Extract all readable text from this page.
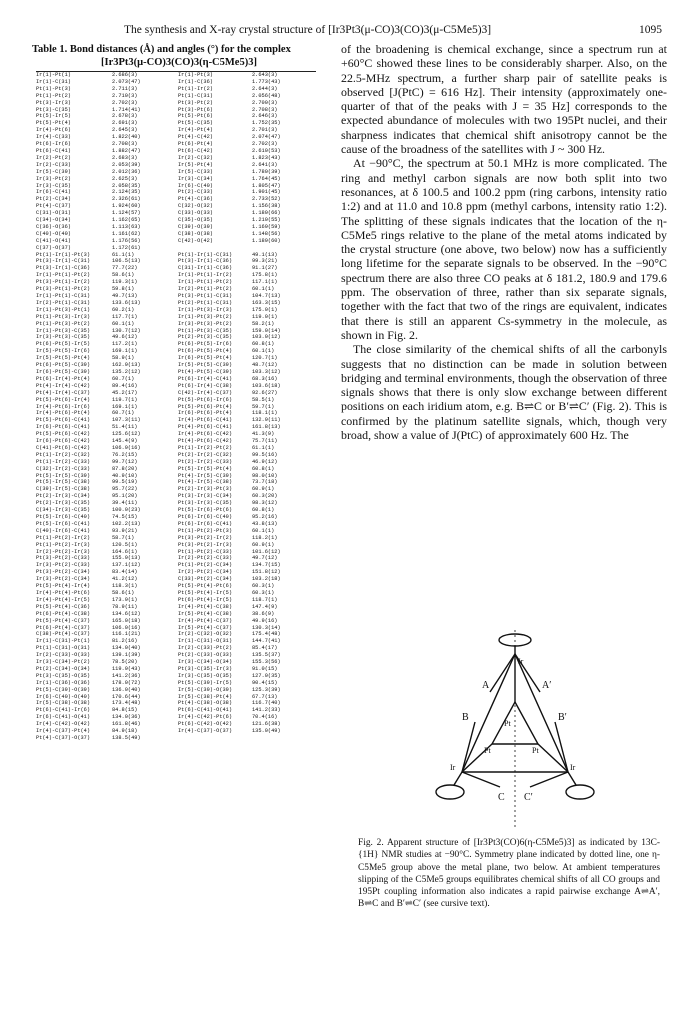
The synthesis and X-ray crystal structure of [Ir3Pt3(μ-CO)3(CO)3(μ-C5Me5)3]	1095
Table 1. Bond distances (Å) and angles (°) for the complex
[Ir3Pt3(μ-CO)3(CO)3(η-C5Me5)3]
Ir(1)-Pt(1)	2.686(3)	Ir(1)-Pt(3)	2.643(3)
Ir(1)-C(31)	2.073(47)	Ir(1)-C(36)	1.773(43)
Pt(1)-Pt(3)	2.711(3)	Pt(1)-Ir(2)	2.644(3)
Pt(1)-Pt(2)	2.710(3)	Pt(1)-C(31)	2.056(48)
Pt(3)-Ir(3)	2.702(3)	Pt(3)-Pt(2)	2.700(3)
Pt(3)-C(35)	1.714(41)	Pt(3)-Pt(6)	2.708(3)
Pt(5)-Ir(5)	2.678(3)	Pt(5)-Pt(6)	2.646(3)
Pt(5)-Pt(4)	2.691(3)	Pt(5)-C(35)	1.752(35)
Ir(4)-Pt(6)	2.645(3)	Ir(4)-Pt(4)	2.701(3)
Ir(4)-C(33)	1.822(40)	Pt(4)-C(42)	2.074(47)
Pt(6)-Ir(6)	2.708(3)	Pt(6)-Pt(4)	2.702(3)
Pt(6)-C(41)	1.882(47)	Pt(6)-C(42)	2.610(53)
Ir(2)-Pt(2)	2.683(3)	Ir(2)-C(32)	1.823(43)
Ir(2)-C(33)	2.053(39)	Ir(5)-Pt(4)	2.641(3)
Ir(5)-C(39)	2.012(36)	Ir(5)-C(33)	1.780(39)
Ir(3)-Pt(2)	2.625(3)	Ir(3)-C(34)	1.764(45)
Ir(3)-C(35)	2.058(35)	Ir(6)-C(40)	1.805(47)
Ir(6)-C(41)	2.124(35)	Pt(2)-C(33)	1.901(45)
Pt(2)-C(34)	2.326(61)	Pt(4)-C(36)	2.733(52)
Pt(4)-C(37)	1.924(60)	C(32)-O(32)	1.156(38)
C(31)-O(31)	1.124(57)	C(33)-O(33)	1.180(66)
C(34)-O(34)	1.162(65)	C(35)-O(35)	1.210(55)
C(36)-O(36)	1.113(63)	C(39)-O(39)	1.169(59)
C(40)-O(40)	1.161(62)	C(38)-O(38)	1.148(56)
C(41)-O(41)	1.176(56)	C(42)-O(42)	1.189(60)
C(37)-O(37)	1.172(61)
Pt(1)-Ir(1)-Pt(3)	61.1(1)	Pt(1)-Ir(1)-C(31)	49.1(13)
Pt(3)-Ir(1)-C(31)	106.5(13)	Pt(3)-Ir(1)-C(36)	99.3(21)
Pt(3)-Ir(1)-C(36)	77.7(22)	C(31)-Ir(1)-C(36)	91.1(27)
Ir(1)-Pt(1)-Pt(2)	58.6(1)	Ir(1)-Pt(1)-Ir(2)	175.8(1)
Pt(3)-Pt(1)-Ir(2)	119.3(1)	Ir(1)-Pt(1)-Pt(2)	117.1(1)
Pt(3)-Pt(1)-Pt(2)	59.8(1)	Ir(2)-Pt(1)-Pt(2)	60.1(1)
Ir(1)-Pt(1)-C(31)	49.7(13)	Pt(3)-Pt(1)-C(31)	104.7(13)
Ir(2)-Pt(1)-C(31)	133.6(13)	Pt(2)-Pt(1)-C(31)	163.3(15)
Ir(1)-Pt(3)-Pt(1)	60.2(1)	Ir(1)-Pt(3)-Ir(3)	175.0(1)
Pt(1)-Pt(3)-Ir(3)	117.7(1)	Ir(1)-Pt(3)-Pt(2)	119.0(1)
Pt(1)-Pt(3)-Pt(2)	60.1(1)	Ir(3)-Pt(3)-Pt(2)	58.2(1)
Ir(1)-Pt(3)-C(35)	130.7(12)	Pt(1)-Pt(3)-C(35)	159.0(14)
Ir(3)-Pt(3)-C(35)	49.6(12)	Pt(2)-Pt(3)-C(35)	103.0(12)
Pt(6)-Pt(5)-Ir(5)	117.2(1)	Pt(6)-Pt(5)-Ir(6)	60.8(1)
Ir(5)-Pt(5)-Ir(6)	169.1(1)	Pt(6)-Pt(5)-Pt(4)	60.1(1)
Ir(5)-Pt(5)-Pt(4)	58.9(1)	Ir(6)-Pt(5)-Pt(4)	120.7(1)
Pt(6)-Pt(5)-C(39)	162.9(13)	Ir(5)-Pt(5)-C(39)	48.7(12)
Ir(6)-Pt(5)-C(39)	135.2(12)	Pt(4)-Pt(5)-C(39)	103.3(12)
Pt(6)-Ir(4)-Pt(4)	60.7(1)	Pt(6)-Ir(4)-C(41)	68.3(16)
Pt(4)-Ir(4)-C(42)	89.4(16)	Pt(6)-Ir(4)-C(38)	103.6(18)
Pt(4)-Ir(4)-C(37)	45.2(17)	C(42)-Ir(4)-C(37)	92.6(27)
Pt(5)-Pt(6)-Ir(4)	119.7(1)	Pt(5)-Pt(6)-Ir(6)	58.5(1)
Ir(4)-Pt(6)-Ir(6)	169.1(1)	Pt(5)-Pt(6)-Pt(4)	59.7(1)
Ir(4)-Pt(6)-Pt(4)	60.7(1)	Ir(6)-Pt(6)-Pt(4)	118.1(1)
Pt(5)-Pt(6)-C(41)	107.3(11)	Ir(4)-Pt(6)-C(41)	132.9(11)
Ir(6)-Pt(6)-C(41)	51.4(11)	Pt(4)-Pt(6)-C(41)	161.8(13)
Pt(5)-Pt(6)-C(42)	125.6(12)	Ir(4)-Pt(6)-C(42)	41.3(9)
Ir(6)-Pt(6)-C(42)	145.4(9)	Pt(4)-Pt(6)-C(42)	75.7(11)
C(41)-Pt(6)-C(42)	106.9(16)	Pt(1)-Ir(2)-Pt(2)	61.1(1)
Pt(1)-Ir(2)-C(32)	76.2(15)	Pt(2)-Ir(2)-C(32)	99.5(16)
Pt(1)-Ir(2)-C(33)	99.7(12)	Pt(2)-Ir(2)-C(33)	46.9(12)
C(32)-Ir(2)-C(33)	87.8(20)	Pt(5)-Ir(5)-Pt(4)	60.8(1)
Pt(5)-Ir(5)-C(39)	40.9(10)	Pt(4)-Ir(5)-C(39)	98.0(10)
Pt(5)-Ir(5)-C(38)	99.5(19)	Pt(4)-Ir(5)-C(38)	73.7(18)
C(39)-Ir(5)-C(38)	95.7(22)	Pt(2)-Ir(3)-Pt(3)	60.9(1)
Pt(2)-Ir(3)-C(34)	95.1(20)	Pt(3)-Ir(3)-C(34)	60.3(20)
Pt(2)-Ir(3)-C(35)	39.4(11)	Pt(3)-Ir(3)-C(35)	98.3(12)
C(34)-Ir(3)-C(35)	100.0(23)	Pt(5)-Ir(6)-Pt(6)	60.8(1)
Pt(5)-Ir(6)-C(40)	74.5(15)	Pt(6)-Ir(6)-C(40)	95.2(16)
Pt(5)-Ir(6)-C(41)	102.2(13)	Pt(6)-Ir(6)-C(41)	43.8(13)
C(40)-Ir(6)-C(41)	93.9(21)	Pt(1)-Pt(2)-Pt(3)	60.1(1)
Pt(1)-Pt(2)-Ir(2)	58.7(1)	Pt(3)-Pt(2)-Ir(2)	118.2(1)
Pt(1)-Pt(2)-Ir(3)	120.5(1)	Pt(3)-Pt(2)-Ir(3)	60.9(1)
Ir(2)-Pt(2)-Ir(3)	164.6(1)	Pt(1)-Pt(2)-C(33)	101.6(12)
Pt(3)-Pt(2)-C(33)	155.9(13)	Ir(2)-Pt(2)-C(33)	49.7(12)
Ir(3)-Pt(2)-C(33)	137.1(12)	Pt(1)-Pt(2)-C(34)	134.7(15)
Pt(3)-Pt(2)-C(34)	83.4(14)	Ir(2)-Pt(2)-C(34)	151.8(12)
Ir(3)-Pt(2)-C(34)	41.2(12)	C(33)-Pt(2)-C(34)	103.2(18)
Pt(5)-Pt(4)-Ir(4)	118.3(1)	Pt(5)-Pt(4)-Pt(6)	60.3(1)
Ir(4)-Pt(4)-Pt(6)	58.6(1)	Pt(5)-Pt(4)-Ir(5)	60.3(1)
Ir(4)-Pt(4)-Ir(5)	173.9(1)	Pt(6)-Pt(4)-Ir(5)	118.7(1)
Pt(5)-Pt(4)-C(36)	78.9(11)	Ir(4)-Pt(4)-C(38)	147.4(9)
Pt(6)-Pt(4)-C(38)	134.6(12)	Ir(5)-Pt(4)-C(38)	38.6(9)
Pt(5)-Pt(4)-C(37)	165.0(18)	Ir(4)-Pt(4)-C(37)	49.9(16)
Pt(6)-Pt(4)-C(37)	106.0(16)	Ir(5)-Pt(4)-C(37)	130.3(14)
C(38)-Pt(4)-C(37)	116.1(21)	Ir(2)-C(32)-O(32)	175.4(48)
Ir(1)-C(31)-Pt(1)	81.2(16)	Ir(1)-C(31)-O(31)	144.7(41)
Pt(1)-C(31)-O(31)	134.0(40)	Ir(2)-C(33)-Pt(2)	85.4(17)
Ir(2)-C(33)-O(33)	139.1(39)	Pt(2)-C(33)-O(33)	135.5(37)
Ir(3)-C(34)-Pt(2)	78.5(20)	Ir(3)-C(34)-O(34)	155.3(56)
Pt(2)-C(34)-O(34)	119.9(43)	Pt(3)-C(35)-Ir(3)	91.0(15)
Pt(3)-C(35)-O(35)	141.2(36)	Ir(3)-C(35)-O(35)	127.0(35)
Ir(1)-C(36)-O(36)	178.0(72)	Pt(5)-C(39)-Ir(5)	90.4(15)
Pt(5)-C(39)-O(39)	136.0(40)	Ir(5)-C(39)-O(39)	125.3(39)
Ir(6)-C(40)-O(40)	170.6(44)	Ir(5)-C(38)-Pt(4)	67.7(13)
Ir(5)-C(38)-O(38)	173.4(48)	Pt(4)-C(38)-O(38)	116.7(40)
Pt(6)-C(41)-Ir(6)	84.8(15)	Pt(6)-C(41)-O(41)	141.2(33)
Ir(6)-C(41)-O(41)	134.0(36)	Ir(4)-C(42)-Pt(6)	70.4(16)
Ir(4)-C(42)-O(42)	161.8(46)	Pt(6)-C(42)-O(42)	121.6(38)
Ir(4)-C(37)-Pt(4)	84.9(18)	Ir(4)-C(37)-O(37)	135.0(49)
Pt(4)-C(37)-O(37)	138.5(49)

of the broadening is chemical exchange, since a spectrum run at +60°C showed these lines to be considerably sharper. Also, on the 22.5-MHz spectrum, a further sharp pair of satellite peaks is observed [J(PtC) = 616 Hz]. Their intensity (approximately one-quarter of that of the peaks with J = 35 Hz] corresponds to the expected abundance of molecules with two 195Pt nuclei, and their sharpness indicates that chemical shift anisotropy cannot be the cause of the broadness of the satellites with J ~ 300 Hz.

At −90°C, the spectrum at 50.1 MHz is more complicated. The ring and methyl carbon signals are now both split into two resonances, at δ 100.5 and 100.2 ppm (ring carbons, intensity ratio 1:2) and at 11.0 and 10.8 ppm (methyl carbons, intensity ratio 1:2). The splitting of these signals indicates that the location of the η-C5Me5 rings relative to the plane of the metal atoms indicated by the crystal structure (one above, two below) now has a sufficiently long lifetime for the separate signals to be observed. In the −90°C spectrum there are also three CO peaks at δ 181.2, 180.9 and 179.6 ppm. The observation of three, rather than six separate signals, together with the fact that two of the rings are equivalent, indicates that there is still an apparent Cs-symmetry in the molecule, as shown in Fig. 2.

The close similarity of the chemical shifts of all the carbonyls suggests that no distinction can be made in solution between bridging and terminal environments, though the observation of three signals shows that there is only slow exchange between different positions on each iridium atom, e.g. B⇌C or B′⇌C′ (Fig. 2). This is confirmed by the platinum satellite signals, which, though very broad, show a value of J(PtC) of approximately 600 Hz. The

A	A′
B	B′
C C′
Pt
Pt	Pt
Ir
Ir	Ir
Fig. 2. Apparent structure of [Ir3Pt3(CO)6(η-C5Me5)3] as indicated by 13C-{1H} NMR studies at −90°C. Symmetry plane indicated by dotted line, one η-C5Me5 group above the metal plane, two below. At ambient temperatures slipping of the C5Me5 groups equilibrates chemical shifts of all CO groups and 195Pt coupling information also indicates a rapid pairwise exchange A⇌A′, B⇌C and B′⇌C′ (see cursive text).
